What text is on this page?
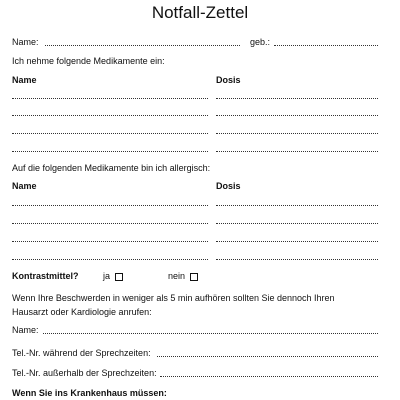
Notfall-Zettel
Name:	geb.:
Ich nehme folgende Medikamente ein:
Name	Dosis
Auf die folgenden Medikamente bin ich allergisch:
Name	Dosis
Kontrastmittel?	ja	nein
Wenn Ihre Beschwerden in weniger als 5 min aufhören sollten Sie dennoch Ihren
Hausarzt oder Kardiologie anrufen:
Name:
Tel.-Nr. während der Sprechzeiten:
Tel.-Nr. außerhalb der Sprechzeiten:
Wenn Sie ins Krankenhaus müssen:
